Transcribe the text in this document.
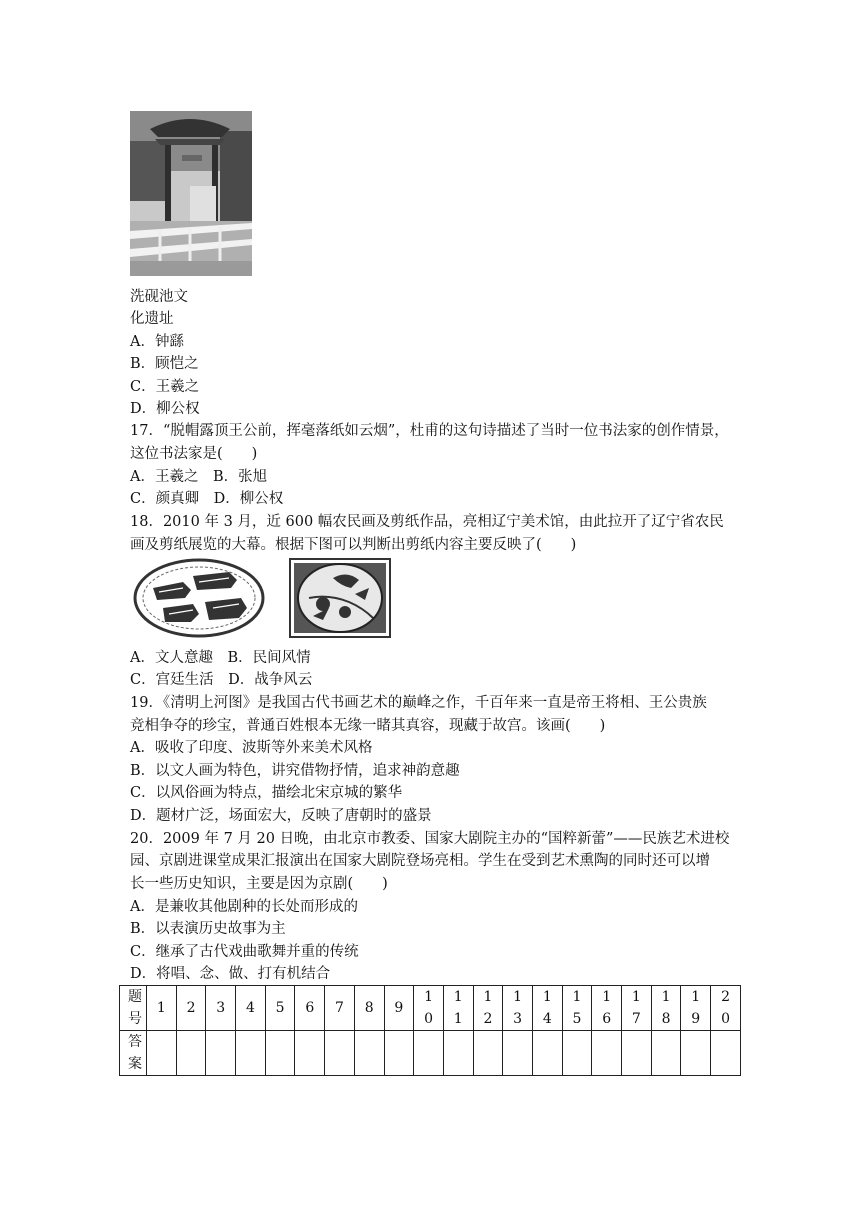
洗砚池文
化遗址
A．钟繇
B．顾恺之
C．王羲之
D．柳公权
17．“脱帽露顶王公前，挥毫落纸如云烟”，杜甫的这句诗描述了当时一位书法家的创作情景，
这位书法家是(　　)
A．王羲之　B．张旭
C．颜真卿　D．柳公权
18．2010 年 3 月，近 600 幅农民画及剪纸作品，亮相辽宁美术馆，由此拉开了辽宁省农民
画及剪纸展览的大幕。根据下图可以判断出剪纸内容主要反映了(　　)
A．文人意趣　B．民间风情
C．宫廷生活　D．战争风云
19．《清明上河图》是我国古代书画艺术的巅峰之作，千百年来一直是帝王将相、王公贵族
竞相争夺的珍宝，普通百姓根本无缘一睹其真容，现藏于故宫。该画(　　)
A．吸收了印度、波斯等外来美术风格
B．以文人画为特色，讲究借物抒情，追求神韵意趣
C．以风俗画为特点，描绘北宋京城的繁华
D．题材广泛，场面宏大，反映了唐朝时的盛景
20．2009 年 7 月 20 日晚，由北京市教委、国家大剧院主办的“国粹新蕾”——民族艺术进校
园、京剧进课堂成果汇报演出在国家大剧院登场亮相。学生在受到艺术熏陶的同时还可以增
长一些历史知识，主要是因为京剧(　　)
A．是兼收其他剧种的长处而形成的
B．以表演历史故事为主
C．继承了古代戏曲歌舞并重的传统
D．将唱、念、做、打有机结合
题号	1	2	3	4	5	6	7	8	9	10	11	12	13	14	15	16	17	18	19	20
答案																				
